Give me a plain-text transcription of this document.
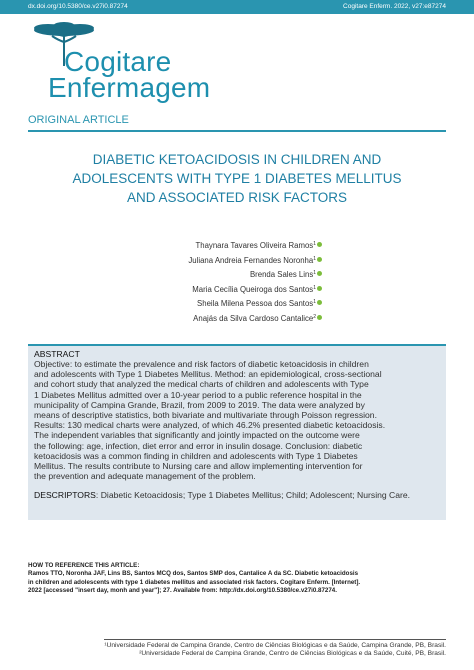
dx.doi.org/10.5380/ce.v27i0.87274	Cogitare Enferm. 2022, v27:e87274
Cogitare
Enfermagem
ORIGINAL ARTICLE
DIABETIC KETOACIDOSIS IN CHILDREN AND
ADOLESCENTS WITH TYPE 1 DIABETES MELLITUS
AND ASSOCIATED RISK FACTORS
Thaynara Tavares Oliveira Ramos$^1$
Juliana Andreia Fernandes Noronha$^1$
Brenda Sales Lins$^1$
Maria Cecília Queiroga dos Santos$^1$
Sheila Milena Pessoa dos Santos$^1$
Anajás da Silva Cardoso Cantalice$^2$
ABSTRACT
Objective: to estimate the prevalence and risk factors of diabetic ketoacidosis in children
and adolescents with Type 1 Diabetes Mellitus. Method: an epidemiological, cross-sectional
and cohort study that analyzed the medical charts of children and adolescents with Type
1 Diabetes Mellitus admitted over a 10-year period to a public reference hospital in the
municipality of Campina Grande, Brazil, from 2009 to 2019. The data were analyzed by
means of descriptive statistics, both bivariate and multivariate through Poisson regression.
Results: 130 medical charts were analyzed, of which 46.2% presented diabetic ketoacidosis.
The independent variables that significantly and jointly impacted on the outcome were
the following: age, infection, diet error and error in insulin dosage. Conclusion: diabetic
ketoacidosis was a common finding in children and adolescents with Type 1 Diabetes
Mellitus. The results contribute to Nursing care and allow implementing intervention for
the prevention and adequate management of the problem.
DESCRIPTORS: Diabetic Ketoacidosis; Type 1 Diabetes Mellitus; Child; Adolescent; Nursing Care.
HOW TO REFERENCE THIS ARTICLE:
Ramos TTO, Noronha JAF, Lins BS, Santos MCQ dos, Santos SMP dos, Cantalice A da SC. Diabetic ketoacidosis
in children and adolescents with type 1 diabetes mellitus and associated risk factors. Cogitare Enferm. [Internet].
2022 [accessed "insert day, monh and year"]; 27. Available from: http://dx.doi.org/10.5380/ce.v27i0.87274.
¹Universidade Federal de Campina Grande, Centro de Ciências Biológicas e da Saúde, Campina Grande, PB, Brasil.
²Universidade Federal de Campina Grande, Centro de Ciências Biológicas e da Saúde, Cuité, PB, Brasil.
